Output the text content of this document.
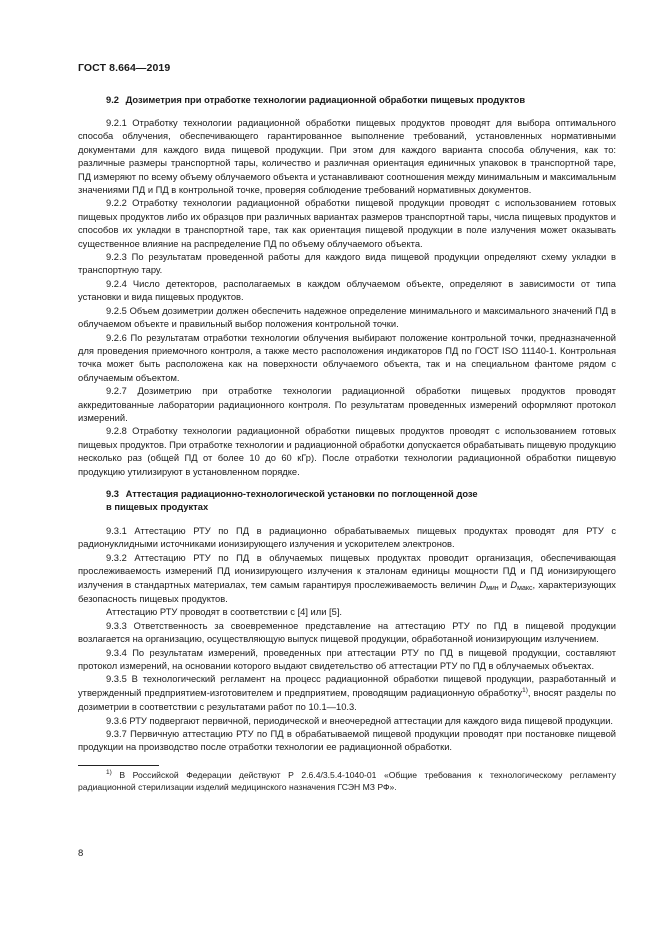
ГОСТ 8.664—2019
9.2 Дозиметрия при отработке технологии радиационной обработки пищевых продуктов

9.2.1 Отработку технологии радиационной обработки пищевых продуктов проводят для выбора оптимального способа облучения, обеспечивающего гарантированное выполнение требований, установленных нормативными документами для каждого вида пищевой продукции. При этом для каждого варианта способа облучения, как то: различные размеры транспортной тары, количество и различная ориентация единичных упаковок в транспортной таре, ПД измеряют по всему объему облучаемого объекта и устанавливают соотношения между минимальным и максимальным значениями ПД и ПД в контрольной точке, проверяя соблюдение требований нормативных документов.

9.2.2 Отработку технологии радиационной обработки пищевой продукции проводят с использованием готовых пищевых продуктов либо их образцов при различных вариантах размеров транспортной тары, числа пищевых продуктов и способов их укладки в транспортной таре, так как ориентация пищевой продукции в поле излучения может оказывать существенное влияние на распределение ПД по объему облучаемого объекта.

9.2.3 По результатам проведенной работы для каждого вида пищевой продукции определяют схему укладки в транспортную тару.

9.2.4 Число детекторов, располагаемых в каждом облучаемом объекте, определяют в зависимости от типа установки и вида пищевых продуктов.

9.2.5 Объем дозиметрии должен обеспечить надежное определение минимального и максимального значений ПД в облучаемом объекте и правильный выбор положения контрольной точки.

9.2.6 По результатам отработки технологии облучения выбирают положение контрольной точки, предназначенной для проведения приемочного контроля, а также место расположения индикаторов ПД по ГОСТ ISO 11140-1. Контрольная точка может быть расположена как на поверхности облучаемого объекта, так и на специальном фантоме рядом с облучаемым объектом.

9.2.7 Дозиметрию при отработке технологии радиационной обработки пищевых продуктов проводят аккредитованные лаборатории радиационного контроля. По результатам проведенных измерений оформляют протокол измерений.

9.2.8 Отработку технологии радиационной обработки пищевых продуктов проводят с использованием готовых пищевых продуктов. При отработке технологии и радиационной обработки допускается обрабатывать пищевую продукцию несколько раз (общей ПД от более 10 до 60 кГр). После отработки технологии радиационной обработки пищевую продукцию утилизируют в установленном порядке.

9.3 Аттестация радиационно-технологической установки по поглощенной дозе
в пищевых продуктах

9.3.1 Аттестацию РТУ по ПД в радиационно обрабатываемых пищевых продуктах проводят для РТУ с радионуклидными источниками ионизирующего излучения и ускорителем электронов.

9.3.2 Аттестацию РТУ по ПД в облучаемых пищевых продуктах проводит организация, обеспечивающая прослеживаемость измерений ПД ионизирующего излучения к эталонам единицы мощности ПД и ПД ионизирующего излучения в стандартных материалах, тем самым гарантируя прослеживаемость величин $D_{мин}$ и $D_{макс}$, характеризующих безопасность пищевых продуктов.

Аттестацию РТУ проводят в соответствии с [4] или [5].

9.3.3 Ответственность за своевременное представление на аттестацию РТУ по ПД в пищевой продукции возлагается на организацию, осуществляющую выпуск пищевой продукции, обработанной ионизирующим излучением.

9.3.4 По результатам измерений, проведенных при аттестации РТУ по ПД в пищевой продукции, составляют протокол измерений, на основании которого выдают свидетельство об аттестации РТУ по ПД в облучаемых объектах.

9.3.5 В технологический регламент на процесс радиационной обработки пищевой продукции, разработанный и утвержденный предприятием-изготовителем и предприятием, проводящим радиационную обработку$^{1)}$, вносят разделы по дозиметрии в соответствии с результатами работ по 10.1—10.3.

9.3.6 РТУ подвергают первичной, периодической и внеочередной аттестации для каждого вида пищевой продукции.

9.3.7 Первичную аттестацию РТУ по ПД в обрабатываемой пищевой продукции проводят при постановке пищевой продукции на производство после отработки технологии ее радиационной обработки.

$^{1)}$ В Российской Федерации действуют Р 2.6.4/3.5.4-1040-01 «Общие требования к технологическому регламенту радиационной стерилизации изделий медицинского назначения ГСЭН МЗ РФ».

8
